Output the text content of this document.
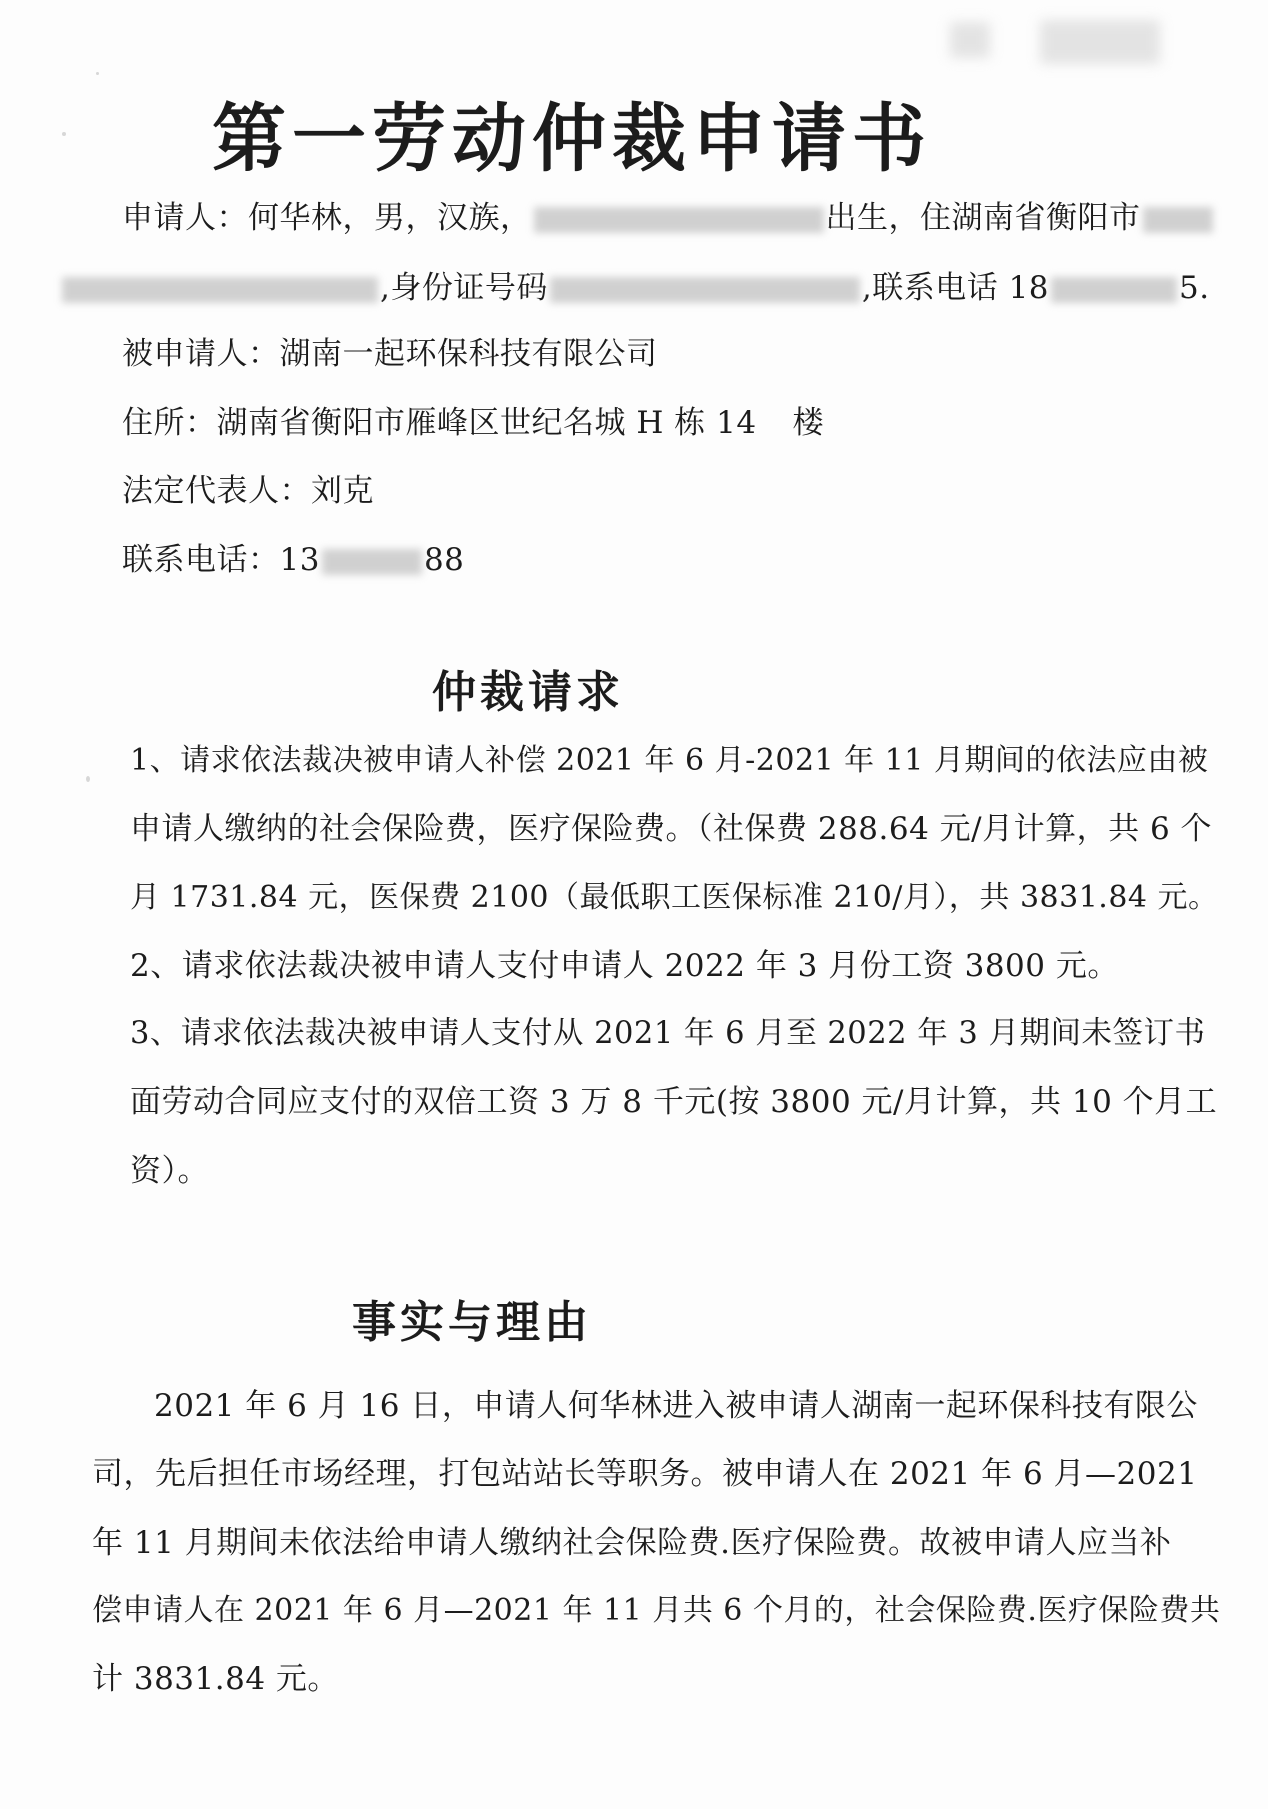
第一劳动仲裁申请书
申请人：何华林，男，汉族，	出生，住湖南省衡阳市
,身份证号码	,联系电话 18	5.
被申请人：湖南一起环保科技有限公司
住所：湖南省衡阳市雁峰区世纪名城 H 栋 14 楼
法定代表人：刘克
联系电话：13	88
仲裁请求
1、请求依法裁决被申请人补偿 2021 年 6 月-2021 年 11 月期间的依法应由被
申请人缴纳的社会保险费，医疗保险费。（社保费 288.64 元/月计算，共 6 个
月 1731.84 元，医保费 2100（最低职工医保标准 210/月），共 3831.84 元。
2、请求依法裁决被申请人支付申请人 2022 年 3 月份工资 3800 元。
3、请求依法裁决被申请人支付从 2021 年 6 月至 2022 年 3 月期间未签订书
面劳动合同应支付的双倍工资 3 万 8 千元(按 3800 元/月计算，共 10 个月工
资）。
事实与理由
2021 年 6 月 16 日，申请人何华林进入被申请人湖南一起环保科技有限公
司，先后担任市场经理，打包站站长等职务。被申请人在 2021 年 6 月—2021
年 11 月期间未依法给申请人缴纳社会保险费.医疗保险费。故被申请人应当补
偿申请人在 2021 年 6 月—2021 年 11 月共 6 个月的，社会保险费.医疗保险费共
计 3831.84 元。
